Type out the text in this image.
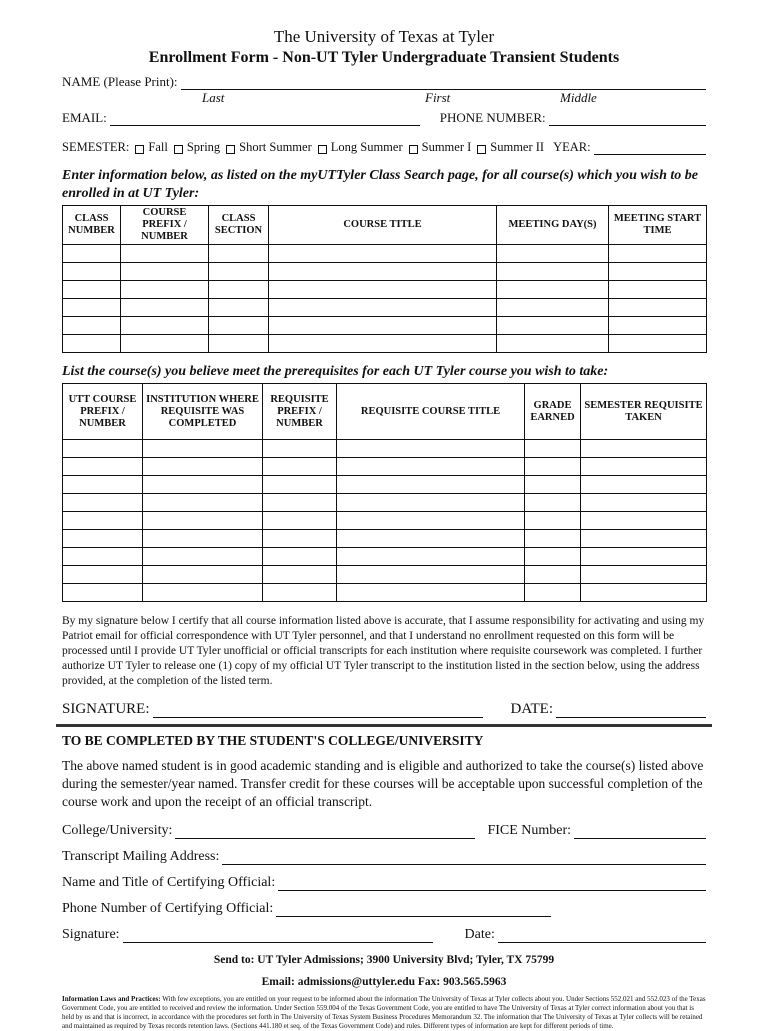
The University of Texas at Tyler
Enrollment Form - Non-UT Tyler Undergraduate Transient Students
NAME (Please Print):
Last	First	Middle
EMAIL:	PHONE NUMBER:
SEMESTER: Fall Spring Short Summer Long Summer Summer I Summer II YEAR:
Enter information below, as listed on the myUTTyler Class Search page, for all course(s) which you wish to be enrolled in at UT Tyler:
CLASS NUMBER	COURSE PREFIX / NUMBER	CLASS SECTION	COURSE TITLE	MEETING DAY(S)	MEETING START TIME

List the course(s) you believe meet the prerequisites for each UT Tyler course you wish to take:
UTT COURSE PREFIX / NUMBER	INSTITUTION WHERE REQUISITE WAS COMPLETED	REQUISITE PREFIX / NUMBER	REQUISITE COURSE TITLE	GRADE EARNED	SEMESTER REQUISITE TAKEN

By my signature below I certify that all course information listed above is accurate, that I assume responsibility for activating and using my Patriot email for official correspondence with UT Tyler personnel, and that I understand no enrollment requested on this form will be processed until I provide UT Tyler unofficial or official transcripts for each institution where requisite coursework was completed. I further authorize UT Tyler to release one (1) copy of my official UT Tyler transcript to the institution listed in the section below, using the address provided, at the completion of the listed term.
SIGNATURE:	DATE:
TO BE COMPLETED BY THE STUDENT'S COLLEGE/UNIVERSITY
The above named student is in good academic standing and is eligible and authorized to take the course(s) listed above during the semester/year named. Transfer credit for these courses will be acceptable upon successful completion of the course work and upon the receipt of an official transcript.
College/University:	FICE Number:
Transcript Mailing Address:
Name and Title of Certifying Official:
Phone Number of Certifying Official:
Signature:	Date:
Send to: UT Tyler Admissions; 3900 University Blvd; Tyler, TX 75799
Email: admissions@uttyler.edu Fax: 903.565.5963
Information Laws and Practices: With few exceptions, you are entitled on your request to be informed about the information The University of Texas at Tyler collects about you. Under Sections 552.021 and 552.023 of the Texas Government Code, you are entitled to received and review the information. Under Section 559.004 of the Texas Government Code, you are entitled to have The University of Texas at Tyler correct information about you that is held by us and that is incorrect, in accordance with the procedures set forth in The University of Texas System Business Procedures Memorandum 32. The information that The University of Texas at Tyler collects will be retained and maintained as required by Texas records retention laws. (Sections 441.180 et seq. of the Texas Government Code) and rules. Different types of information are kept for different periods of time.
